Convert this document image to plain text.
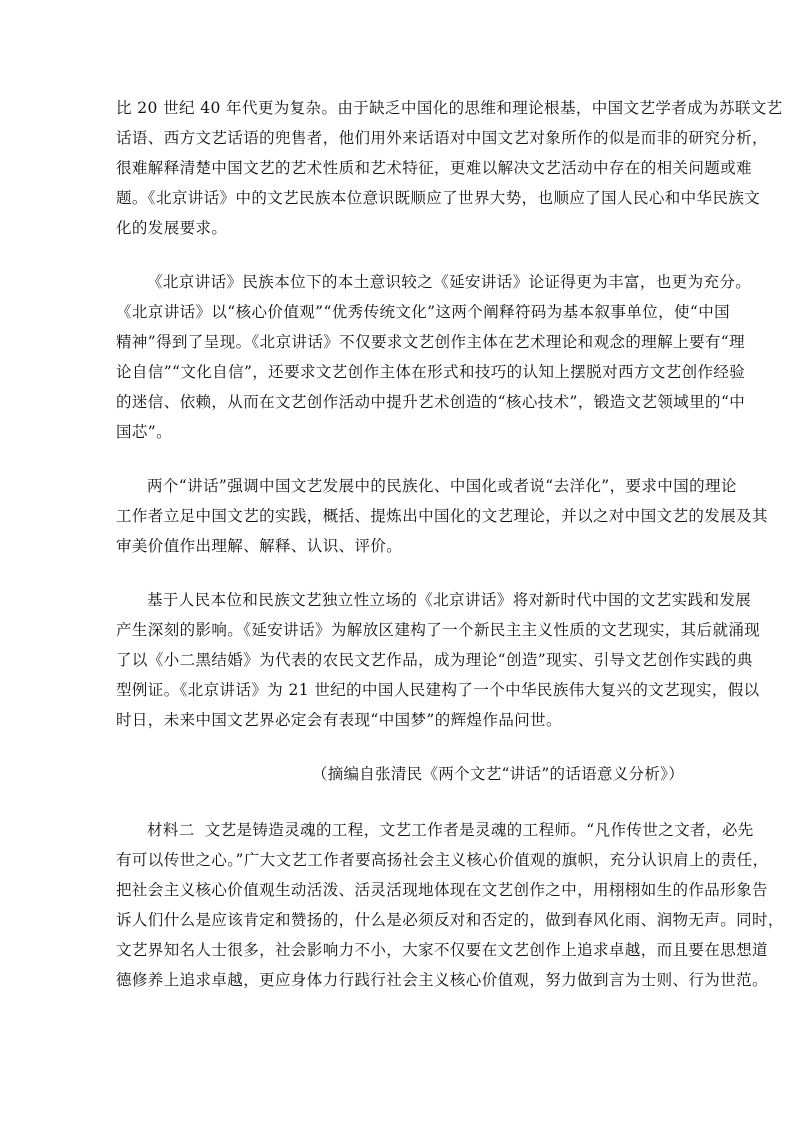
比 20 世纪 40 年代更为复杂。由于缺乏中国化的思维和理论根基，中国文艺学者成为苏联文艺
话语、西方文艺话语的兜售者，他们用外来话语对中国文艺对象所作的似是而非的研究分析，
很难解释清楚中国文艺的艺术性质和艺术特征，更难以解决文艺活动中存在的相关问题或难
题。《北京讲话》中的文艺民族本位意识既顺应了世界大势，也顺应了国人民心和中华民族文
化的发展要求。

《北京讲话》民族本位下的本土意识较之《延安讲话》论证得更为丰富，也更为充分。
《北京讲话》以“核心价值观”“优秀传统文化”这两个阐释符码为基本叙事单位，使“中国
精神”得到了呈现。《北京讲话》不仅要求文艺创作主体在艺术理论和观念的理解上要有“理
论自信”“文化自信”，还要求文艺创作主体在形式和技巧的认知上摆脱对西方文艺创作经验
的迷信、依赖，从而在文艺创作活动中提升艺术创造的“核心技术”，锻造文艺领域里的“中
国芯”。

两个“讲话”强调中国文艺发展中的民族化、中国化或者说“去洋化”，要求中国的理论
工作者立足中国文艺的实践，概括、提炼出中国化的文艺理论，并以之对中国文艺的发展及其
审美价值作出理解、解释、认识、评价。

基于人民本位和民族文艺独立性立场的《北京讲话》将对新时代中国的文艺实践和发展
产生深刻的影响。《延安讲话》为解放区建构了一个新民主主义性质的文艺现实，其后就涌现
了以《小二黑结婚》为代表的农民文艺作品，成为理论“创造”现实、引导文艺创作实践的典
型例证。《北京讲话》为 21 世纪的中国人民建构了一个中华民族伟大复兴的文艺现实，假以
时日，未来中国文艺界必定会有表现“中国梦”的辉煌作品问世。

（摘编自张清民《两个文艺“讲话”的话语意义分析》）

材料二 文艺是铸造灵魂的工程，文艺工作者是灵魂的工程师。“凡作传世之文者，必先
有可以传世之心。”广大文艺工作者要高扬社会主义核心价值观的旗帜，充分认识肩上的责任，
把社会主义核心价值观生动活泼、活灵活现地体现在文艺创作之中，用栩栩如生的作品形象告
诉人们什么是应该肯定和赞扬的，什么是必须反对和否定的，做到春风化雨、润物无声。同时，
文艺界知名人士很多，社会影响力不小，大家不仅要在文艺创作上追求卓越，而且要在思想道
德修养上追求卓越，更应身体力行践行社会主义核心价值观，努力做到言为士则、行为世范。
